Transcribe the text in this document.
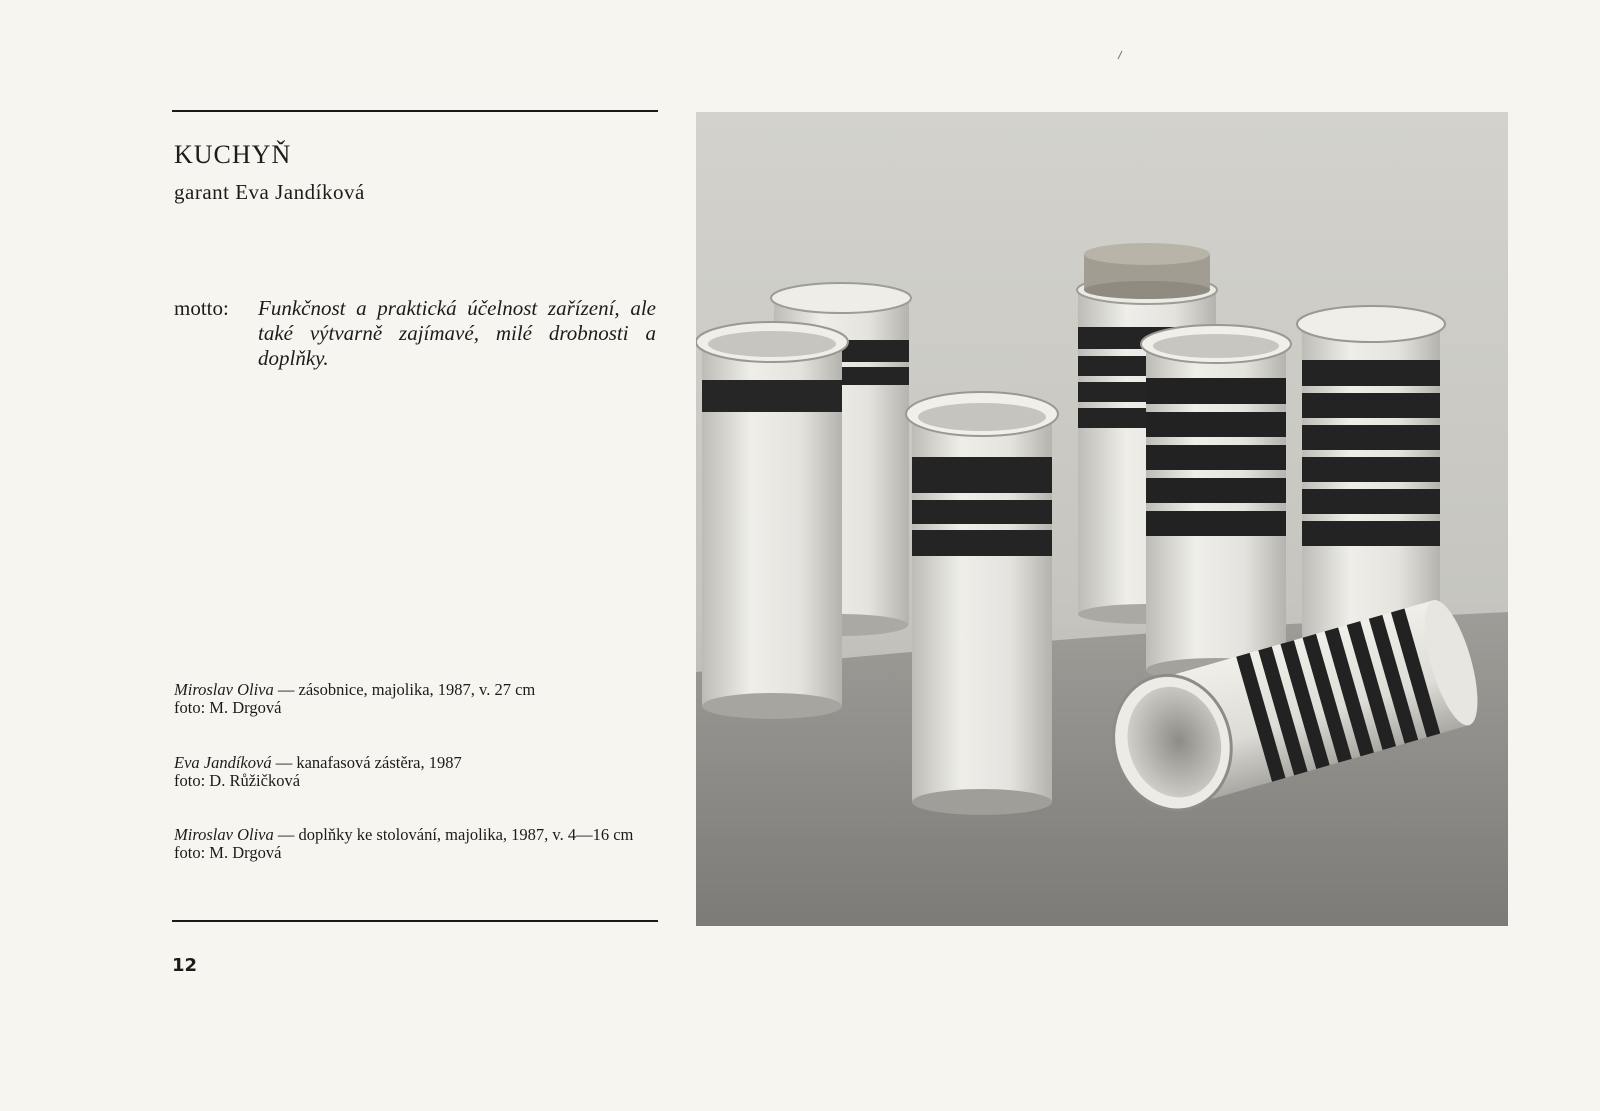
KUCHYŇ
garant Eva Jandíková
motto: Funkčnost a praktická účelnost zařízení, ale také výtvarně zajímavé, milé drobnosti a doplňky.
Miroslav Oliva — zásobnice, majolika, 1987, v. 27 cm
foto: M. Drgová
Eva Jandíková — kanafasová zástěra, 1987
foto: D. Růžičková
Miroslav Oliva — doplňky ke stolování, majolika, 1987, v. 4—16 cm
foto: M. Drgová
12
